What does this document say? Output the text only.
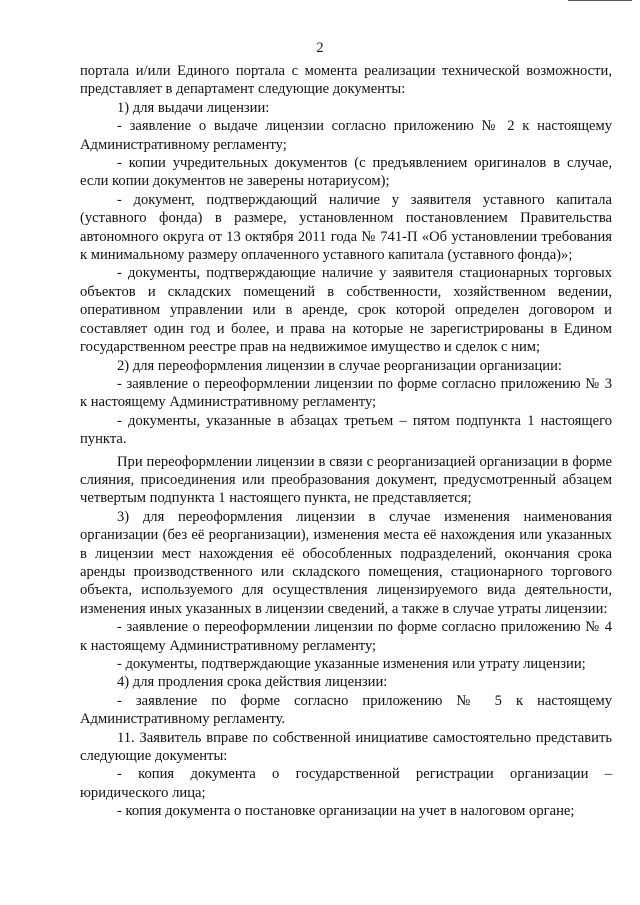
2

портала и/или Единого портала с момента реализации технической возможности, представляет в департамент следующие документы:

1) для выдачи лицензии:

- заявление о выдаче лицензии согласно приложению № 2 к настоящему Административному регламенту;

- копии учредительных документов (с предъявлением оригиналов в случае, если копии документов не заверены нотариусом);

- документ, подтверждающий наличие у заявителя уставного капитала (уставного фонда) в размере, установленном постановлением Правительства автономного округа от 13 октября 2011 года № 741-П «Об установлении требования к минимальному размеру оплаченного уставного капитала (уставного фонда)»;

- документы, подтверждающие наличие у заявителя стационарных торговых объектов и складских помещений в собственности, хозяйственном ведении, оперативном управлении или в аренде, срок которой определен договором и составляет один год и более, и права на которые не зарегистрированы в Едином государственном реестре прав на недвижимое имущество и сделок с ним;

2) для переоформления лицензии в случае реорганизации организации:

- заявление о переоформлении лицензии по форме согласно приложению № 3 к настоящему Административному регламенту;

- документы, указанные в абзацах третьем – пятом подпункта 1 настоящего пункта.

При переоформлении лицензии в связи с реорганизацией организации в форме слияния, присоединения или преобразования документ, предусмотренный абзацем четвертым подпункта 1 настоящего пункта, не представляется;

3) для переоформления лицензии в случае изменения наименования организации (без её реорганизации), изменения места её нахождения или указанных в лицензии мест нахождения её обособленных подразделений, окончания срока аренды производственного или складского помещения, стационарного торгового объекта, используемого для осуществления лицензируемого вида деятельности, изменения иных указанных в лицензии сведений, а также в случае утраты лицензии:

- заявление о переоформлении лицензии по форме согласно приложению № 4 к настоящему Административному регламенту;

- документы, подтверждающие указанные изменения или утрату лицензии;

4) для продления срока действия лицензии:

- заявление по форме согласно приложению № 5 к настоящему Административному регламенту.

11. Заявитель вправе по собственной инициативе самостоятельно представить следующие документы:

- копия документа о государственной регистрации организации – юридического лица;

- копия документа о постановке организации на учет в налоговом органе;
